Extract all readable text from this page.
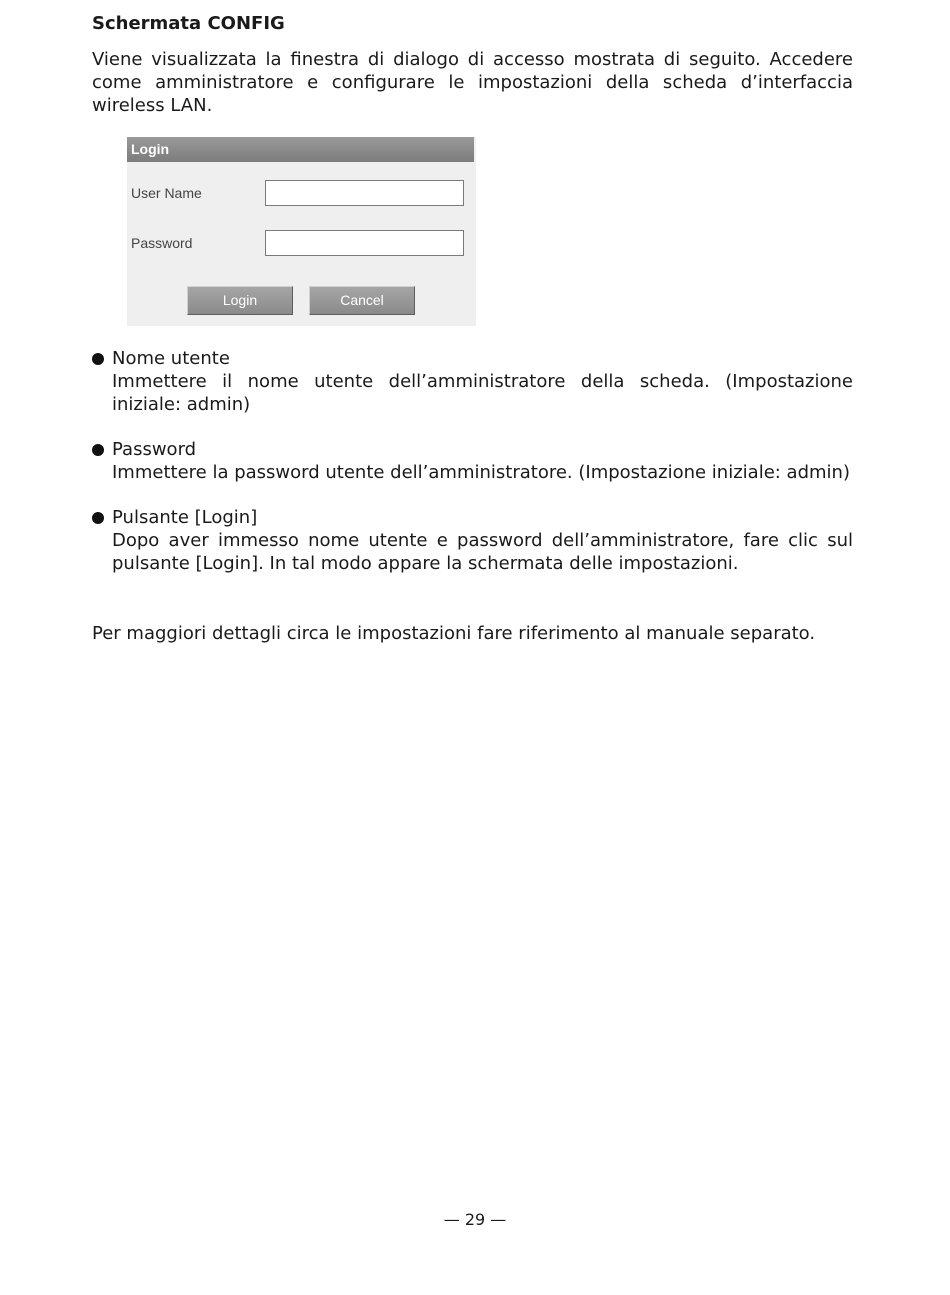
Schermata CONFIG

Viene visualizzata la finestra di dialogo di accesso mostrata di seguito. Accedere come amministratore e configurare le impostazioni della scheda d’interfaccia wireless LAN.

Login
User Name
Password
Login	Cancel
Nome utente

Immettere il nome utente dell’amministratore della scheda. (Impostazione iniziale: admin)

Password

Immettere la password utente dell’amministratore. (Impostazione iniziale: admin)

Pulsante [Login]

Dopo aver immesso nome utente e password dell’amministratore, fare clic sul pulsante [Login]. In tal modo appare la schermata delle impostazioni.

Per maggiori dettagli circa le impostazioni fare riferimento al manuale separato.

— 29 —
